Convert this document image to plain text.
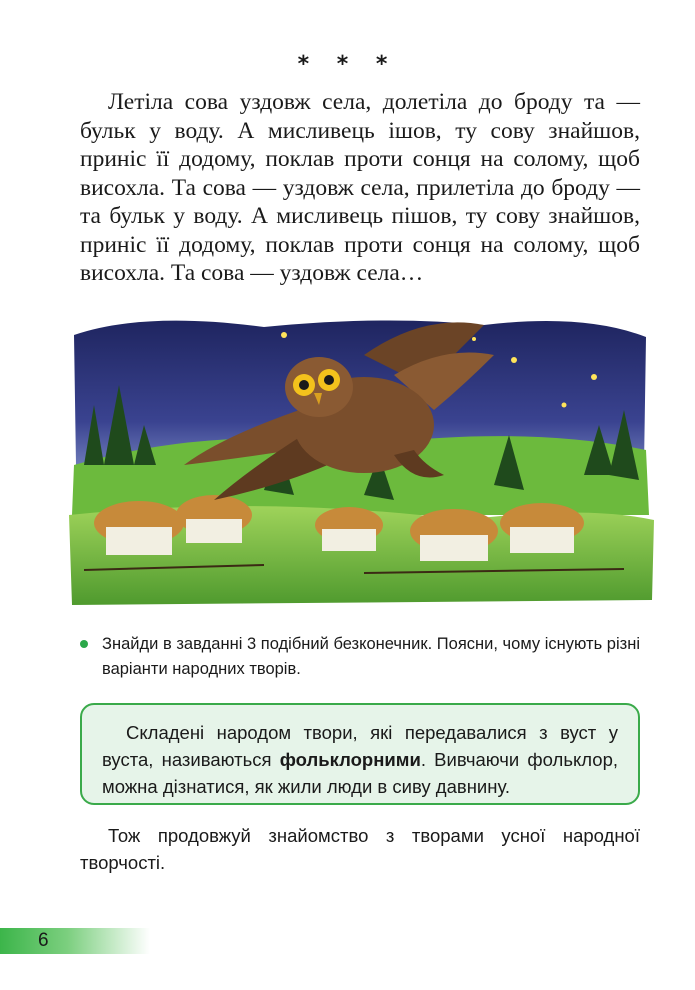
* * *

Летіла сова уздовж села, долетіла до броду та — бульк у воду. А мисливець ішов, ту сову знайшов, приніс її додому, поклав проти сонця на солому, щоб висохла. Та сова — уздовж села, прилетіла до броду — та бульк у воду. А мисливець пішов, ту сову знайшов, приніс її додому, поклав проти сонця на солому, щоб висохла. Та сова — уздовж села…

Знайди в завданні 3 подібний безконечник. Поясни, чому існують різні варіанти народних творів.
Складені народом твори, які передавалися з вуст у вуста, називаються фольклорними. Вивчаючи фольклор, можна дізнатися, як жили люди в сиву давнину.
Тож продовжуй знайомство з творами усної народної творчості.
6
